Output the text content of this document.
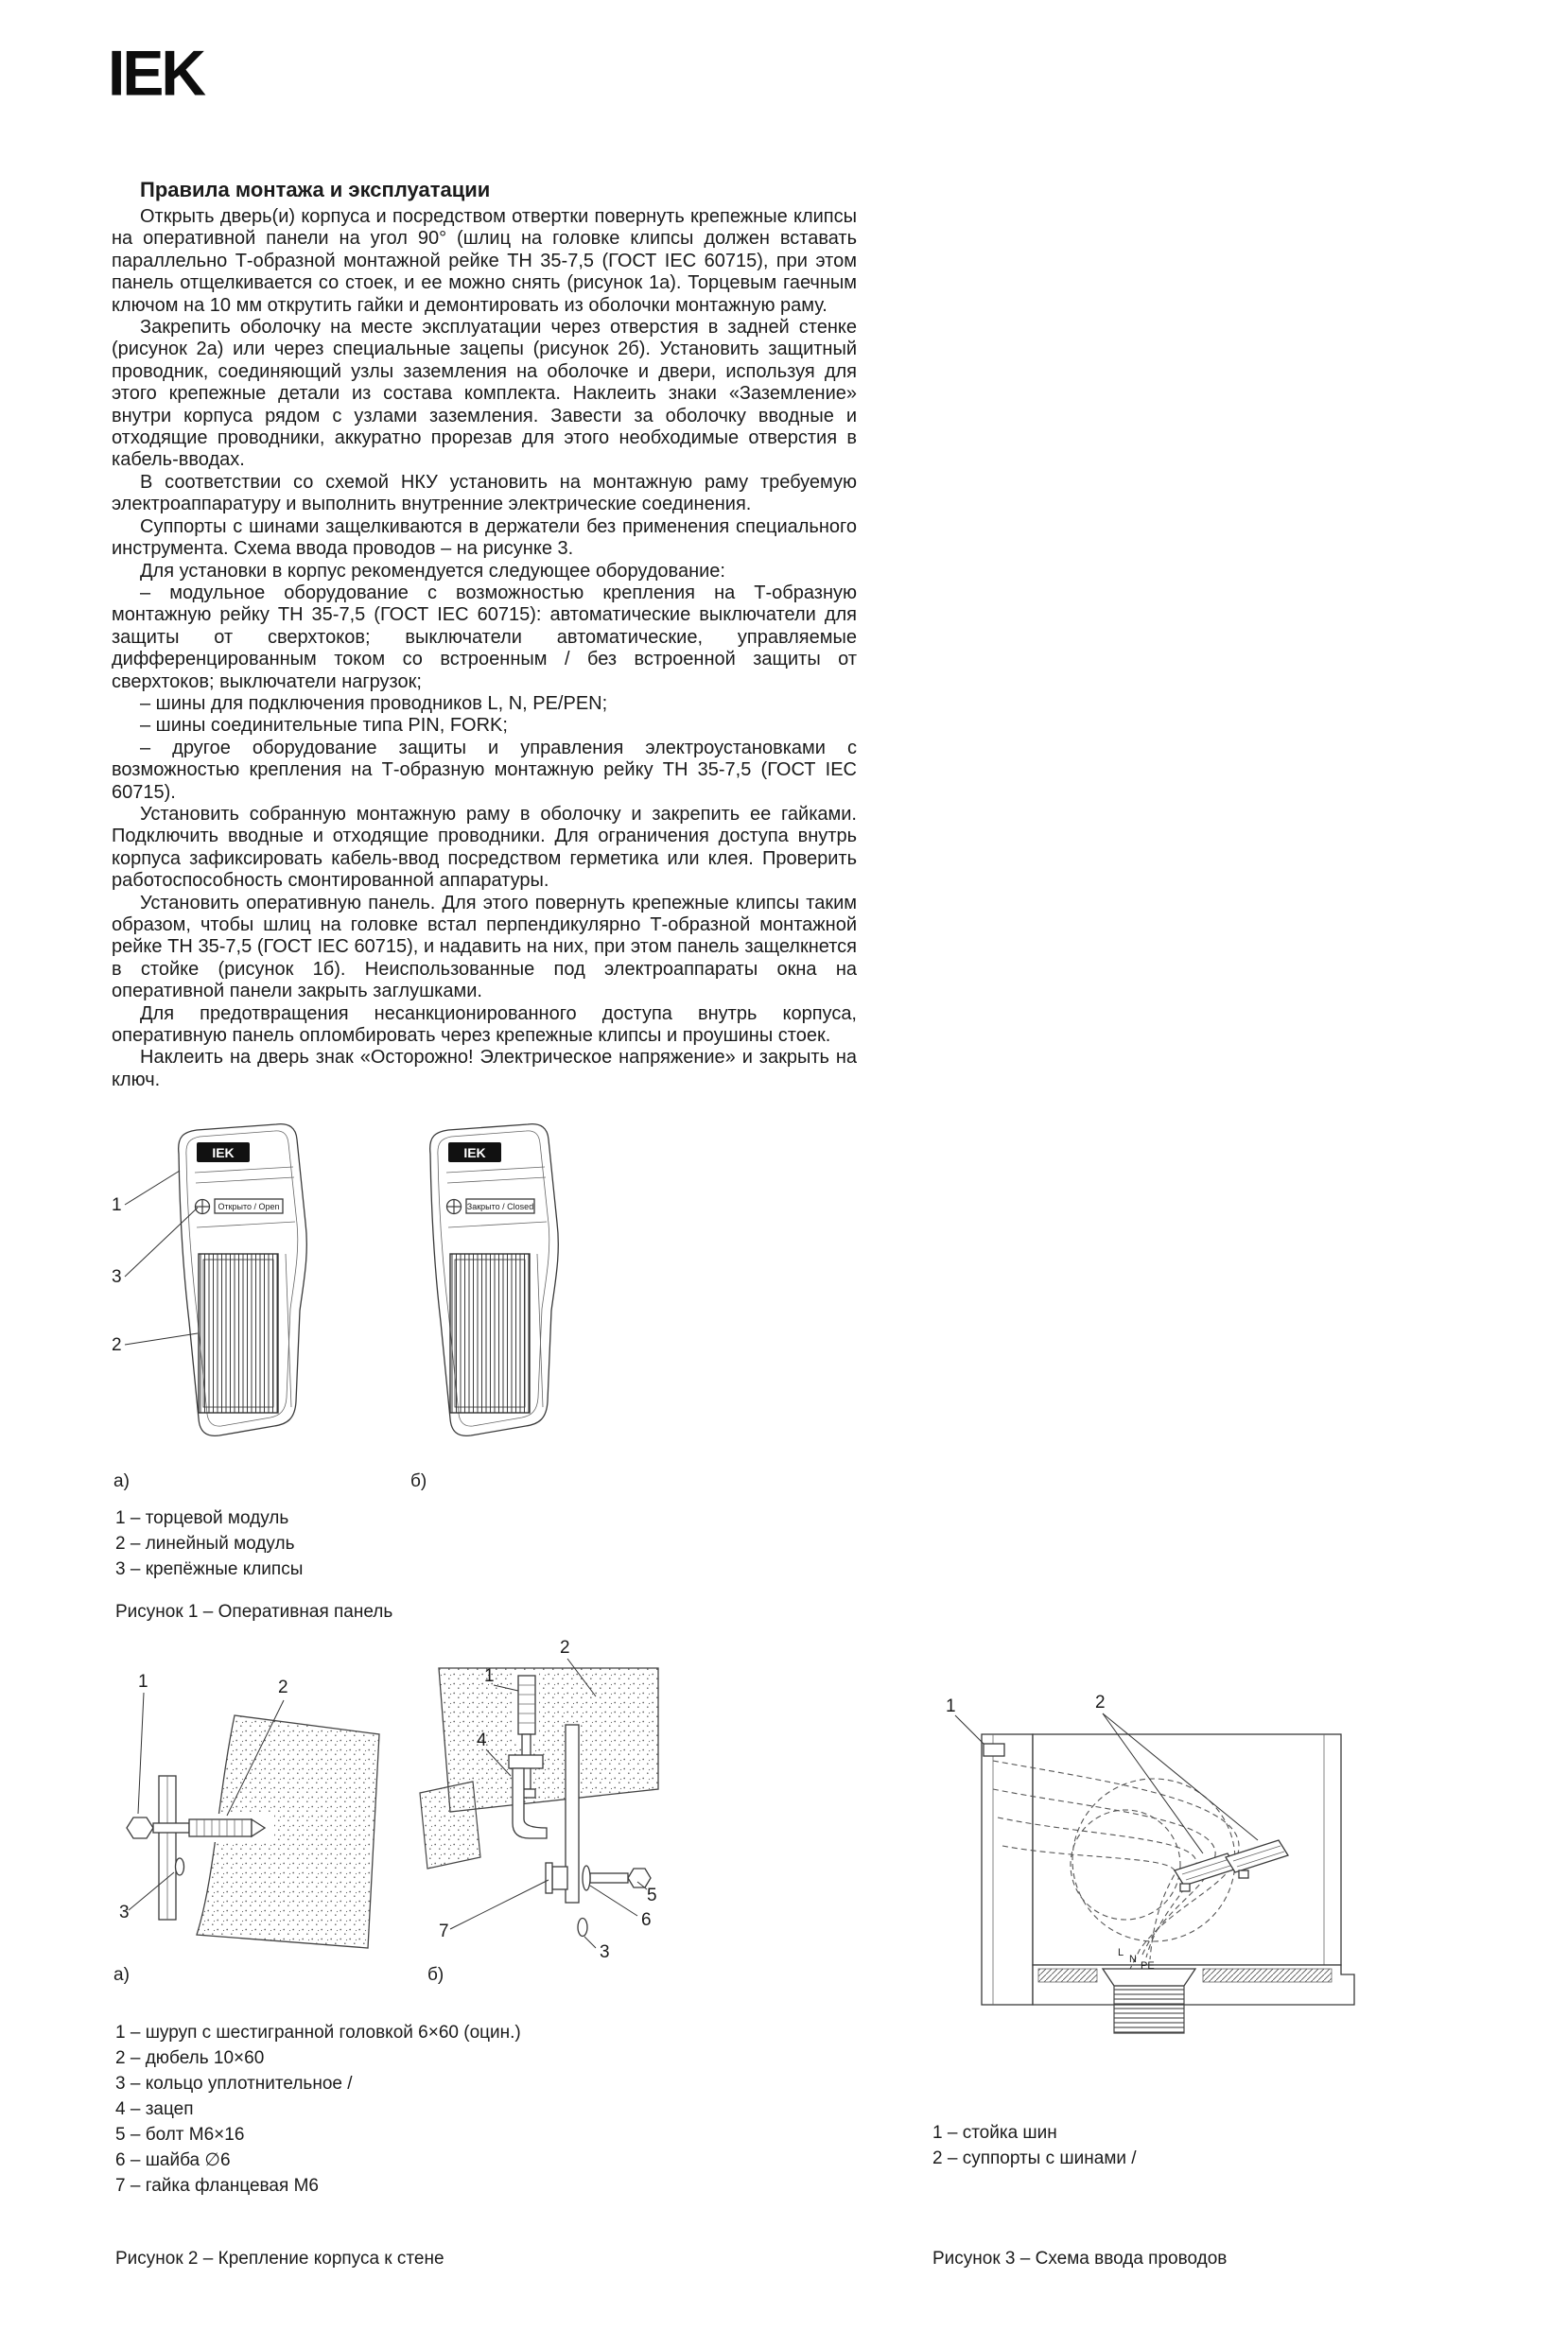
IEK
Правила монтажа и эксплуатации

Открыть дверь(и) корпуса и посредством отвертки повернуть крепежные клипсы на оперативной панели на угол 90° (шлиц на головке клипсы должен вставать параллельно Т-образной монтажной рейке ТН 35-7,5 (ГОСТ IEC 60715), при этом панель отщелкивается со стоек, и ее можно снять (рисунок 1а). Торцевым гаечным ключом на 10 мм открутить гайки и демонтировать из оболочки монтажную раму.

Закрепить оболочку на месте эксплуатации через отверстия в задней стенке (рисунок 2а) или через специальные зацепы (рисунок 2б). Установить защитный проводник, соединяющий узлы заземления на оболочке и двери, используя для этого крепежные детали из состава комплекта. Наклеить знаки «Заземление» внутри корпуса рядом с узлами заземления. Завести за оболочку вводные и отходящие проводники, аккуратно прорезав для этого необходимые отверстия в кабель-вводах.

В соответствии со схемой НКУ установить на монтажную раму требуемую электроаппаратуру и выполнить внутренние электрические соединения.

Суппорты с шинами защелкиваются в держатели без применения специального инструмента. Схема ввода проводов – на рисунке 3.

Для установки в корпус рекомендуется следующее оборудование:

– модульное оборудование с возможностью крепления на Т-образную монтажную рейку ТН 35-7,5 (ГОСТ IEC 60715): автоматические выключатели для защиты от сверхтоков; выключатели автоматические, управляемые дифференцированным током со встроенным / без встроенной защиты от сверхтоков; выключатели нагрузок;

– шины для подключения проводников L, N, PE/PEN;

– шины соединительные типа PIN, FORK;

– другое оборудование защиты и управления электроустановками с возможностью крепления на Т-образную монтажную рейку ТН 35-7,5 (ГОСТ IEC 60715).

Установить собранную монтажную раму в оболочку и закрепить ее гайками. Подключить вводные и отходящие проводники. Для ограничения доступа внутрь корпуса зафиксировать кабель-ввод посредством герметика или клея. Проверить работоспособность смонтированной аппаратуры.

Установить оперативную панель. Для этого повернуть крепежные клипсы таким образом, чтобы шлиц на головке встал перпендикулярно Т-образной монтажной рейке ТН 35-7,5 (ГОСТ IEC 60715), и надавить на них, при этом панель защелкнется в стойке (рисунок 1б). Неиспользованные под электроаппараты окна на оперативной панели закрыть заглушками.

Для предотвращения несанкционированного доступа внутрь корпуса, оперативную панель опломбировать через крепежные клипсы и проушины стоек.

Наклеить на дверь знак «Осторожно! Электрическое напряжение» и закрыть на ключ.

IEK
Открыто / Open
IEK
Закрыто / Closed
1
3
2
а)	б)
1 – торцевой модуль
2 – линейный модуль
3 – крепёжные клипсы
Рисунок 1 – Оперативная панель
1	2
3
1
2
4
5
6
7
3
а)	б)
1 – шуруп с шестигранной головкой 6×60 (оцин.)
2 – дюбель 10×60
3 – кольцо уплотнительное /
4 – зацеп
5 – болт М6×16
6 – шайба ∅6
7 – гайка фланцевая М6
Рисунок 2 – Крепление корпуса к стене
L
N
PE
1	2
1 – стойка шин
2 – суппорты с шинами /
Рисунок 3 – Схема ввода проводов
